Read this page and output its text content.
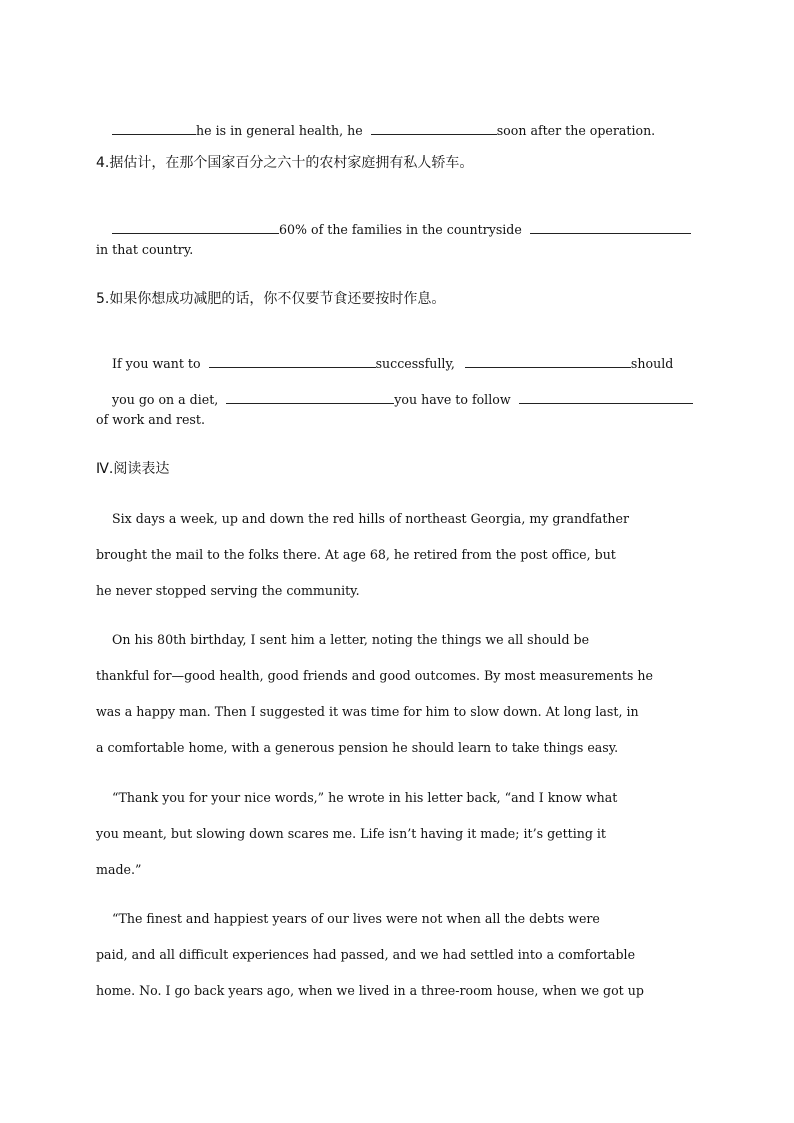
he is in general health, he	soon after the operation.

4.据估计，在那个国家百分之六十的农村家庭拥有私人轿车。

60% of the families in the countryside

in that country.
5.如果你想成功减肥的话，你不仅要节食还要按时作息。

If you want to	successfully,	should

you go on a diet,	you have to follow

of work and rest.
Ⅳ.阅读表达
Six days a week, up and down the red hills of northeast Georgia, my grandfather
brought the mail to the folks there. At age 68, he retired from the post office, but
he never stopped serving the community.
On his 80th birthday, I sent him a letter, noting the things we all should be
thankful for—good health, good friends and good outcomes. By most measurements he
was a happy man. Then I suggested it was time for him to slow down. At long last, in
a comfortable home, with a generous pension he should learn to take things easy.
“Thank you for your nice words,” he wrote in his letter back, “and I know what
you meant, but slowing down scares me. Life isn’t having it made; it’s getting it
made.”
“The finest and happiest years of our lives were not when all the debts were
paid, and all difficult experiences had passed, and we had settled into a comfortable
home. No. I go back years ago, when we lived in a three-room house, when we got up
